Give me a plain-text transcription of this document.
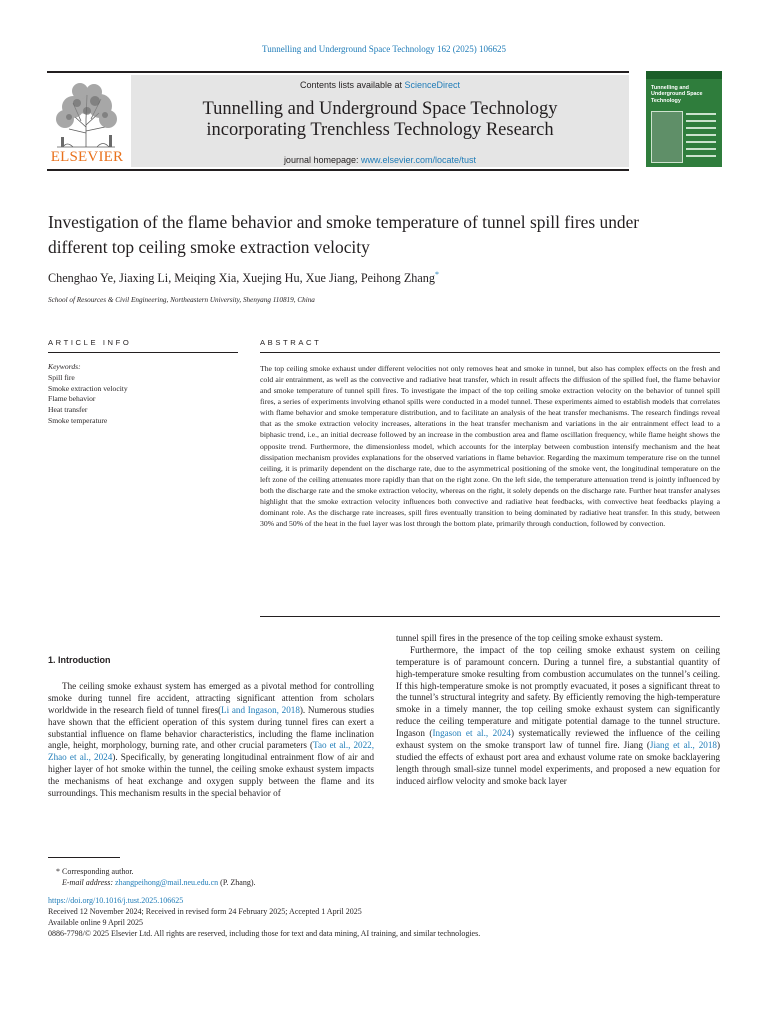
Tunnelling and Underground Space Technology 162 (2025) 106625
ELSEVIER
Contents lists available at ScienceDirect
Tunnelling and Underground Space Technology
incorporating Trenchless Technology Research
journal homepage: www.elsevier.com/locate/tust
Tunnelling and Underground Space Technology
Investigation of the flame behavior and smoke temperature of tunnel spill fires under different top ceiling smoke extraction velocity
Chenghao Ye, Jiaxing Li, Meiqing Xia, Xuejing Hu, Xue Jiang, Peihong Zhang*
School of Resources & Civil Engineering, Northeastern University, Shenyang 110819, China
ARTICLE INFO	ABSTRACT
Keywords:
Spill fire
Smoke extraction velocity
Flame behavior
Heat transfer
Smoke temperature
The top ceiling smoke exhaust under different velocities not only removes heat and smoke in tunnel, but also has complex effects on the fresh and cold air entrainment, as well as the convective and radiative heat transfer, which in result affects the diffusion of the spilled fuel, the flame behavior and smoke temperature of tunnel spill fires. To investigate the impact of the top ceiling smoke extraction velocity on the behavior of tunnel spill fires, a series of experiments involving ethanol spills were conducted in a model tunnel. These experiments aimed to establish models that correlates with flame behavior and smoke temperature distribution, and to facilitate an analysis of the heat transfer mechanisms. The research findings reveal that as the smoke extraction velocity increases, alterations in the heat transfer mechanism and variations in the air entrainment effect lead to a biphasic trend, i.e., an initial decrease followed by an increase in the combustion area and flame oscillation frequency, while flame height shows the opposite trend. Furthermore, the dimensionless model, which accounts for the interplay between combustion intensify mechanism and the heat dissipation mechanism provides explanations for the observed variations in flame behavior. Regarding the maximum temperature rise on the tunnel ceiling, it is primarily dependent on the discharge rate, due to the asymmetrical positioning of the smoke vent, the longitudinal temperature on the left zone of the ceiling attenuates more rapidly than that on the right zone. On the left side, the temperature attenuation trend is jointly influenced by both the discharge rate and the smoke extraction velocity, whereas on the right, it solely depends on the discharge rate. Further heat transfer analyses highlight that the smoke extraction velocity influences both convective and radiative heat feedbacks, with convective heat feedbacks playing a dominant role. As the discharge rate increases, spill fires eventually transition to being dominated by radiative heat transfer. In this study, between 30% and 50% of the heat in the fuel layer was lost through the bottom plate, primarily through conduction, followed by convection.
1. Introduction

The ceiling smoke exhaust system has emerged as a pivotal method for controlling smoke during tunnel fire accident, attracting significant attention from scholars worldwide in the research field of tunnel fires(Li and Ingason, 2018). Numerous studies have shown that the efficient operation of this system during tunnel fires can exert a substantial influence on flame behavior characteristics, including the flame inclination angle, height, morphology, burning rate, and other crucial parameters (Tao et al., 2022, Zhao et al., 2024). Specifically, by generating longitudinal entrainment flow of air and higher layer of hot smoke within the tunnel, the ceiling smoke exhaust system impacts the mechanisms of heat exchange and oxygen supply between the flame and its surroundings. This mechanism results in the special behavior of

tunnel spill fires in the presence of the top ceiling smoke exhaust system.

Furthermore, the impact of the top ceiling smoke exhaust system on ceiling temperature is of paramount concern. During a tunnel fire, a substantial quantity of high-temperature smoke resulting from combustion accumulates on the tunnel’s ceiling. If this high-temperature smoke is not promptly evacuated, it poses a significant threat to the tunnel’s structural integrity and safety. By efficiently removing the high-temperature smoke in a timely manner, the top ceiling smoke exhaust system can significantly reduce the ceiling temperature and mitigate potential damage to the tunnel structure. Ingason (Ingason et al., 2024) systematically reviewed the influence of the ceiling exhaust system on the smoke transport law of tunnel fire. Jiang (Jiang et al., 2018) studied the effects of exhaust port area and exhaust volume rate on smoke backlayering length through small-size tunnel model experiments, and proposed a new equation for induced airflow velocity and smoke back layer

* Corresponding author.
E-mail address: zhangpeihong@mail.neu.edu.cn (P. Zhang).
https://doi.org/10.1016/j.tust.2025.106625
Received 12 November 2024; Received in revised form 24 February 2025; Accepted 1 April 2025
Available online 9 April 2025
0886-7798/© 2025 Elsevier Ltd. All rights are reserved, including those for text and data mining, AI training, and similar technologies.
